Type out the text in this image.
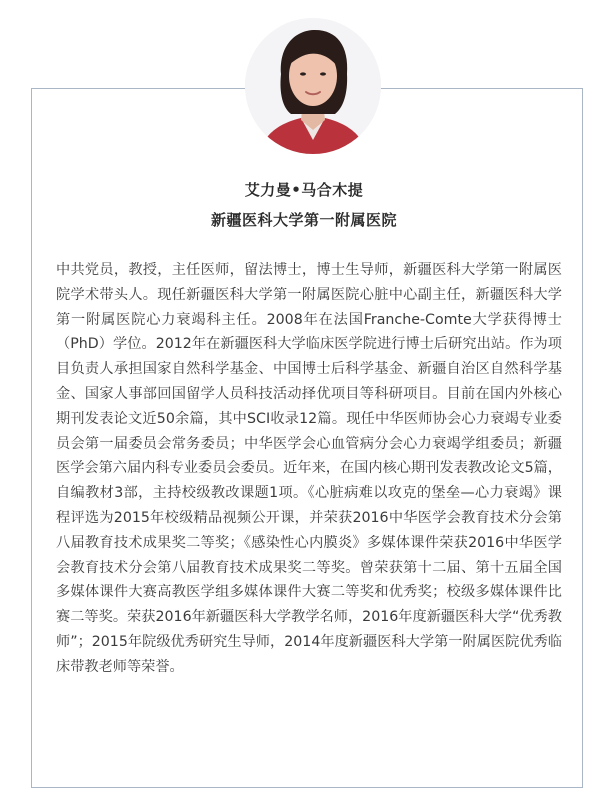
艾力曼•马合木提
新疆医科大学第一附属医院

中共党员，教授，主任医师，留法博士，博士生导师，新疆医科大学第一附属医院学术带头人。现任新疆医科大学第一附属医院心脏中心副主任，新疆医科大学第一附属医院心力衰竭科主任。2008年在法国Franche-Comte大学获得博士（PhD）学位。2012年在新疆医科大学临床医学院进行博士后研究出站。作为项目负责人承担国家自然科学基金、中国博士后科学基金、新疆自治区自然科学基金、国家人事部回国留学人员科技活动择优项目等科研项目。目前在国内外核心期刊发表论文近50余篇，其中SCI收录12篇。现任中华医师协会心力衰竭专业委员会第一届委员会常务委员；中华医学会心血管病分会心力衰竭学组委员；新疆医学会第六届内科专业委员会委员。近年来，在国内核心期刊发表教改论文5篇，自编教材3部，主持校级教改课题1项。《心脏病难以攻克的堡垒—心力衰竭》课程评选为2015年校级精品视频公开课，并荣获2016中华医学会教育技术分会第八届教育技术成果奖二等奖；《感染性心内膜炎》多媒体课件荣获2016中华医学会教育技术分会第八届教育技术成果奖二等奖。曾荣获第十二届、第十五届全国多媒体课件大赛高教医学组多媒体课件大赛二等奖和优秀奖；校级多媒体课件比赛二等奖。荣获2016年新疆医科大学教学名师，2016年度新疆医科大学“优秀教师”；2015年院级优秀研究生导师，2014年度新疆医科大学第一附属医院优秀临床带教老师等荣誉。
